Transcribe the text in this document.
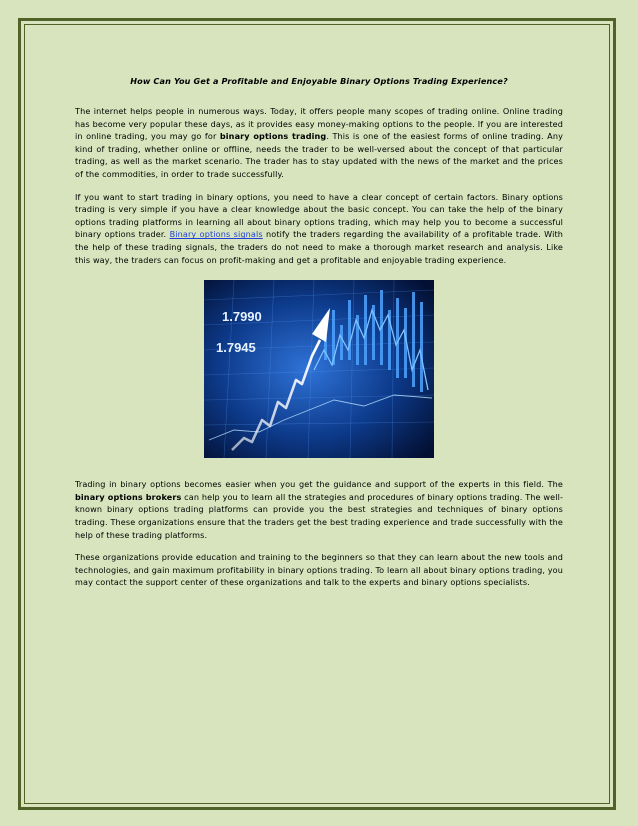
How Can You Get a Profitable and Enjoyable Binary Options Trading Experience?

The internet helps people in numerous ways. Today, it offers people many scopes of trading online. Online trading has become very popular these days, as it provides easy money-making options to the people. If you are interested in online trading, you may go for binary options trading. This is one of the easiest forms of online trading. Any kind of trading, whether online or offline, needs the trader to be well-versed about the concept of that particular trading, as well as the market scenario. The trader has to stay updated with the news of the market and the prices of the commodities, in order to trade successfully.

If you want to start trading in binary options, you need to have a clear concept of certain factors. Binary options trading is very simple if you have a clear knowledge about the basic concept. You can take the help of the binary options trading platforms in learning all about binary options trading, which may help you to become a successful binary options trader. Binary options signals notify the traders regarding the availability of a profitable trade. With the help of these trading signals, the traders do not need to make a thorough market research and analysis. Like this way, the traders can focus on profit-making and get a profitable and enjoyable trading experience.

1.7990
1.7945

Trading in binary options becomes easier when you get the guidance and support of the experts in this field. The binary options brokers can help you to learn all the strategies and procedures of binary options trading. The well-known binary options trading platforms can provide you the best strategies and techniques of binary options trading. These organizations ensure that the traders get the best trading experience and trade successfully with the help of these trading platforms.

These organizations provide education and training to the beginners so that they can learn about the new tools and technologies, and gain maximum profitability in binary options trading. To learn all about binary options trading, you may contact the support center of these organizations and talk to the experts and binary options specialists.
